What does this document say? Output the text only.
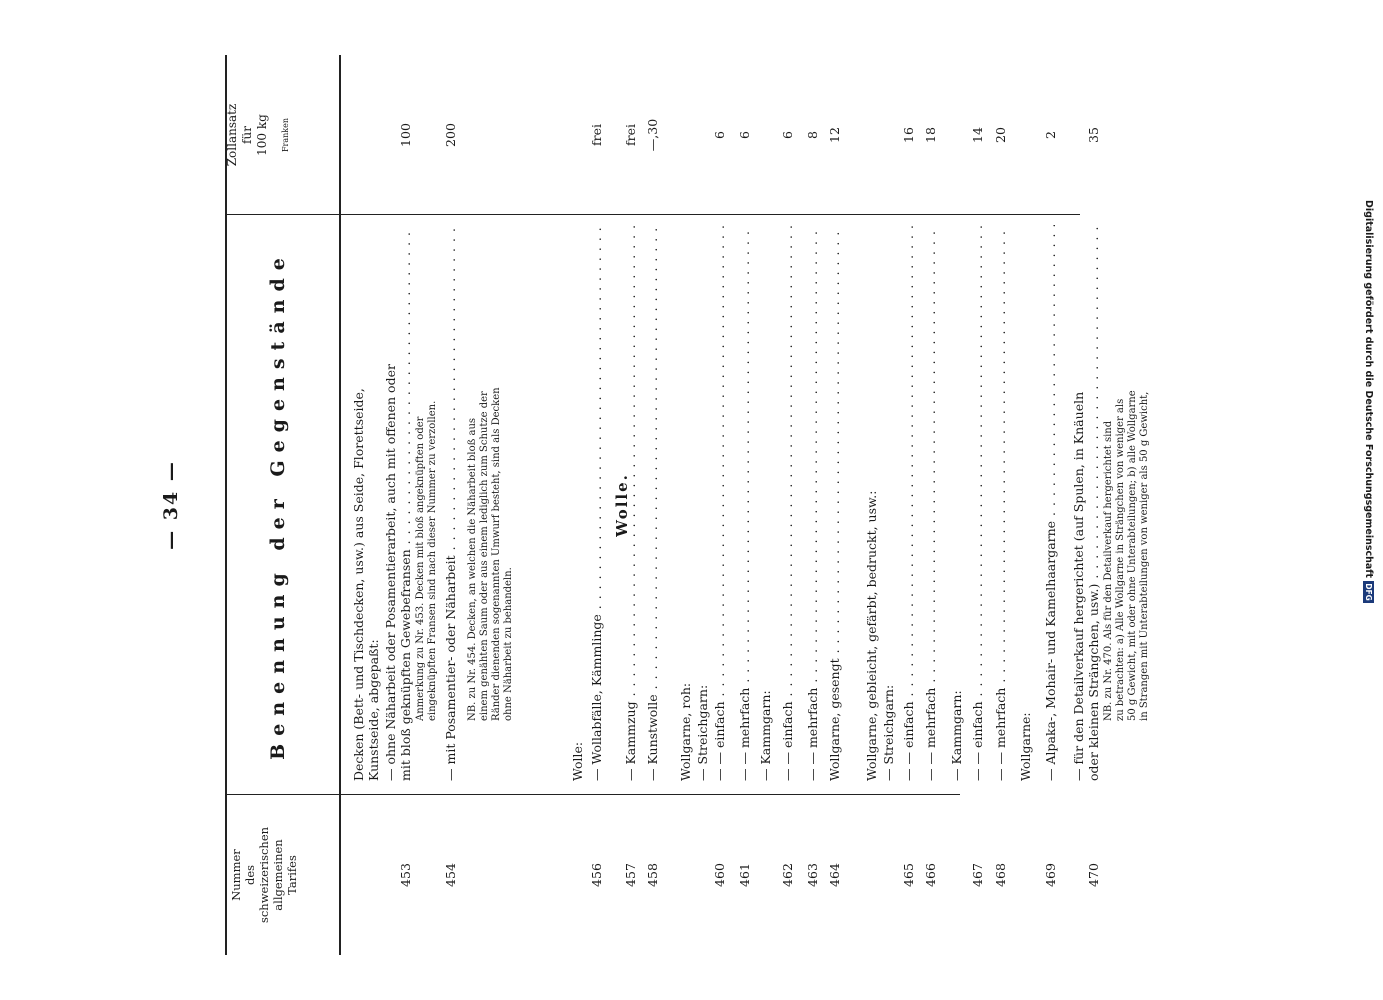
— 34 —
Nummer des schweizerischen allgemeinen Tarifes
Benennung der Gegenstände
Zollansatz für 100 kg	Franken
Wolle.
Decken (Bett- und Tischdecken, usw.) aus Seide, Florettseide, Kunstseide, abgepaßt:
453
— ohne Näharbeit oder Posamentierarbeit, auch mit offenen oder mit bloß geknüpften Gewebefransen . . .
100
Anmerkung zu Nr. 453. Decken mit bloß angeknüpften oder eingeknüpften Fransen sind nach dieser Nummer zu verzollen.
454
— mit Posamentier- oder Näharbeit . . .
200
NB. zu Nr. 454. Decken, an welchen die Näharbeit bloß aus einem genähten Saum oder aus einem lediglich zum Schutze der Ränder dienenden sogenannten Umwurf besteht, sind als Decken ohne Näharbeit zu behandeln.
Wolle:
456
— Wollabfälle, Kämmlinge . . .
frei
457
— Kammzug . . .
frei
458
— Kunstwolle . . .
—,30
Wollgarne, roh: — Streichgarn:
460
— — einfach . . .
6
461
— — mehrfach . . .
6
— Kammgarn:
462
— — einfach . . .
6
463
— — mehrfach . . .
8
464
Wollgarne, gesengt . . .
12
Wollgarne, gebleicht, gefärbt, bedruckt, usw.: — Streichgarn:
465
— — einfach . . .
16
466
— — mehrfach . . .
18
— Kammgarn:
467
— — einfach . . .
14
468
— — mehrfach . . .
20
Wollgarne:
469
— Alpaka-, Mohair- und Kamelhaargarne . . .
2
470
— für den Detailverkauf hergerichtet (auf Spulen, in Knäueln oder kleinen Strängchen, usw.) . . .
35
NB. zu Nr. 470. Als für den Detailverkauf hergerichtet sind zu betrachten: a) Alle Wollgarne in Strängchen von weniger als 50 g Gewicht, mit oder ohne Unterabteilungen; b) alle Wollgarne in Strangen mit Unterabteilungen von weniger als 50 g Gewicht,	Digitalisierung gefördert durch die Deutsche Forschungsgemeinschaft DFG
